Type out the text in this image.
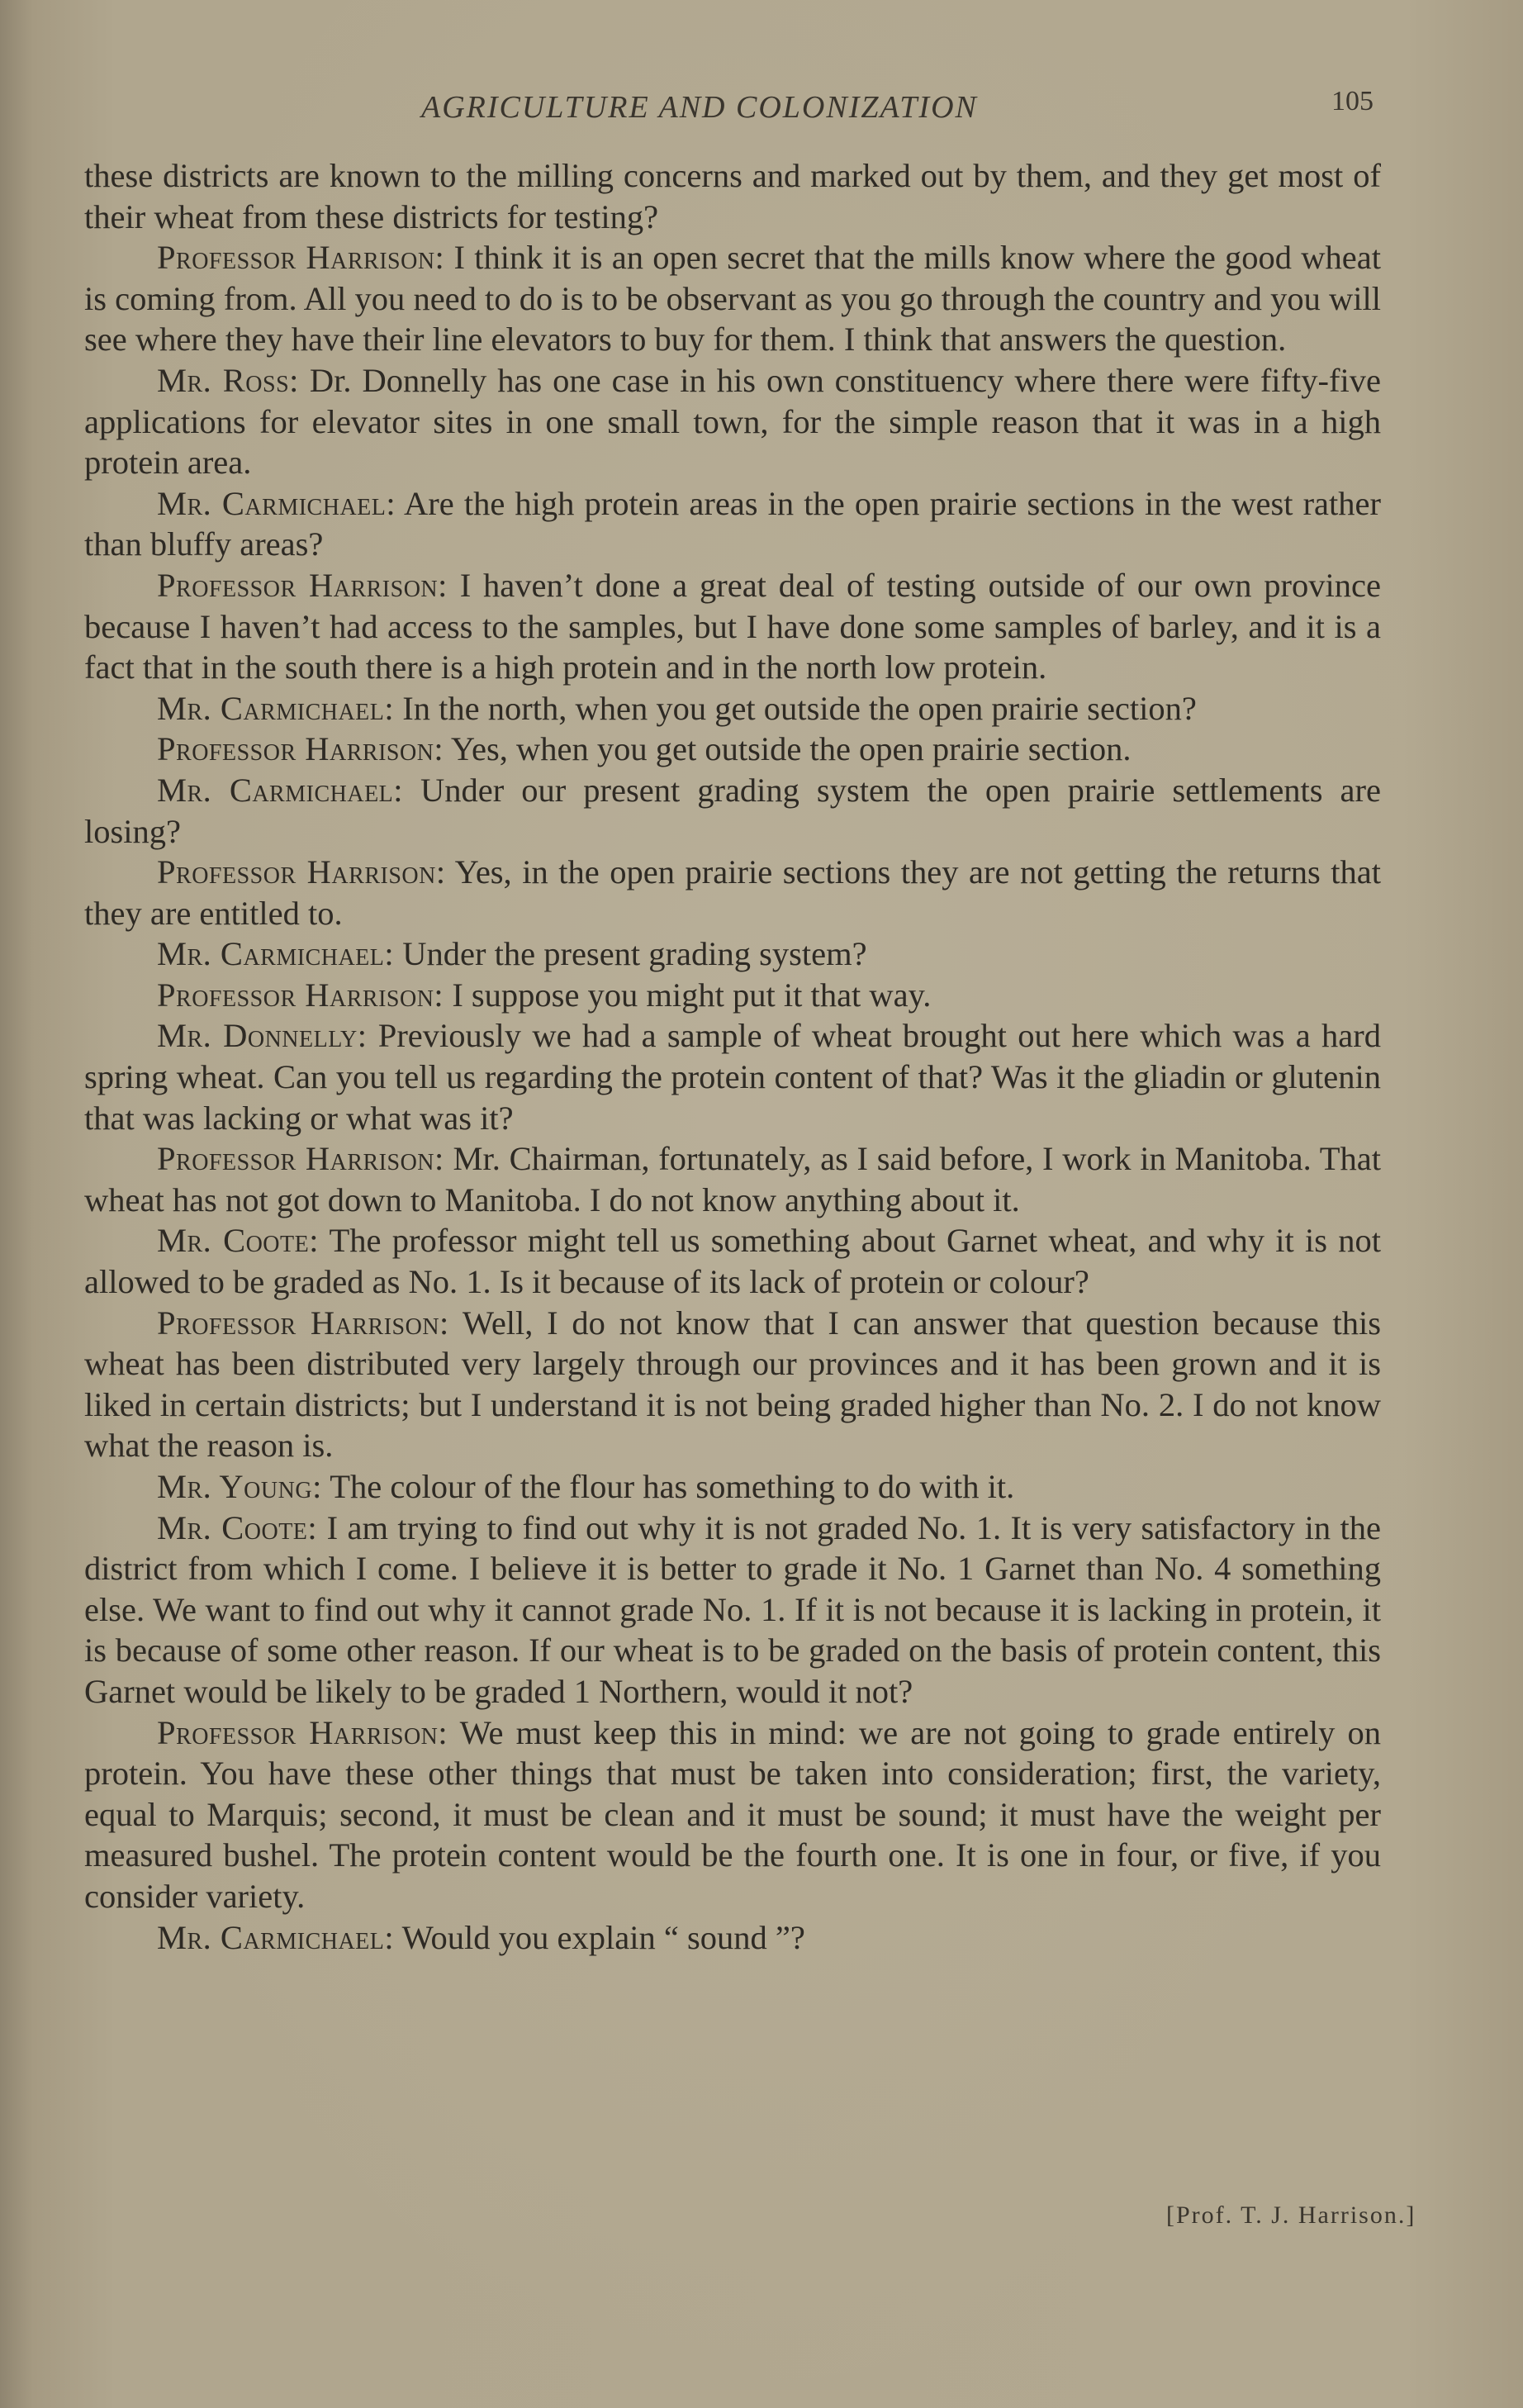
AGRICULTURE AND COLONIZATION	105

these districts are known to the milling concerns and marked out by them, and they get most of their wheat from these districts for testing?

Professor Harrison: I think it is an open secret that the mills know where the good wheat is coming from. All you need to do is to be observant as you go through the country and you will see where they have their line elevators to buy for them. I think that answers the question.

Mr. Ross: Dr. Donnelly has one case in his own constituency where there were fifty-five applications for elevator sites in one small town, for the simple reason that it was in a high protein area.

Mr. Carmichael: Are the high protein areas in the open prairie sections in the west rather than bluffy areas?

Professor Harrison: I haven’t done a great deal of testing outside of our own province because I haven’t had access to the samples, but I have done some samples of barley, and it is a fact that in the south there is a high protein and in the north low protein.

Mr. Carmichael: In the north, when you get outside the open prairie section?

Professor Harrison: Yes, when you get outside the open prairie section.

Mr. Carmichael: Under our present grading system the open prairie settlements are losing?

Professor Harrison: Yes, in the open prairie sections they are not getting the returns that they are entitled to.

Mr. Carmichael: Under the present grading system?

Professor Harrison: I suppose you might put it that way.

Mr. Donnelly: Previously we had a sample of wheat brought out here which was a hard spring wheat. Can you tell us regarding the protein content of that? Was it the gliadin or glutenin that was lacking or what was it?

Professor Harrison: Mr. Chairman, fortunately, as I said before, I work in Manitoba. That wheat has not got down to Manitoba. I do not know anything about it.

Mr. Coote: The professor might tell us something about Garnet wheat, and why it is not allowed to be graded as No. 1. Is it because of its lack of protein or colour?

Professor Harrison: Well, I do not know that I can answer that question because this wheat has been distributed very largely through our provinces and it has been grown and it is liked in certain districts; but I understand it is not being graded higher than No. 2. I do not know what the reason is.

Mr. Young: The colour of the flour has something to do with it.

Mr. Coote: I am trying to find out why it is not graded No. 1. It is very satisfactory in the district from which I come. I believe it is better to grade it No. 1 Garnet than No. 4 something else. We want to find out why it cannot grade No. 1. If it is not because it is lacking in protein, it is because of some other reason. If our wheat is to be graded on the basis of protein content, this Garnet would be likely to be graded 1 Northern, would it not?

Professor Harrison: We must keep this in mind: we are not going to grade entirely on protein. You have these other things that must be taken into consideration; first, the variety, equal to Marquis; second, it must be clean and it must be sound; it must have the weight per measured bushel. The protein content would be the fourth one. It is one in four, or five, if you consider variety.

Mr. Carmichael: Would you explain “ sound ”?

[Prof. T. J. Harrison.]
